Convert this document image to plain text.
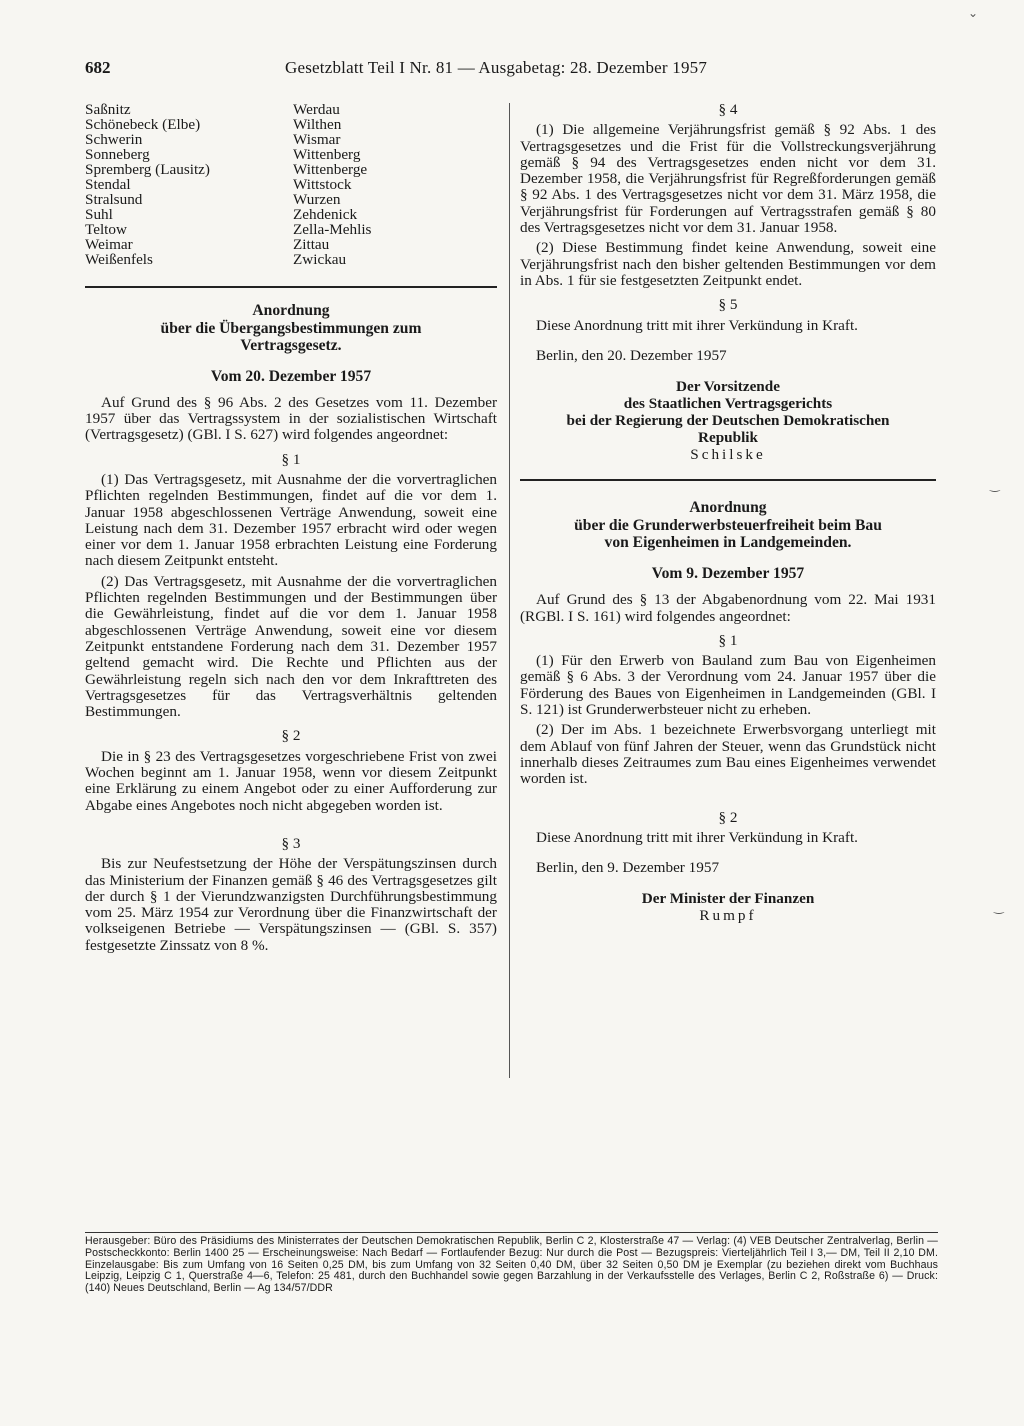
682	Gesetzblatt Teil I Nr. 81 — Ausgabetag: 28. Dezember 1957
Saßnitz
Schönebeck (Elbe)
Schwerin
Sonneberg
Spremberg (Lausitz)
Stendal
Stralsund
Suhl
Teltow
Weimar
Weißenfels
Werdau
Wilthen
Wismar
Wittenberg
Wittenberge
Wittstock
Wurzen
Zehdenick
Zella-Mehlis
Zittau
Zwickau
Anordnung
über die Übergangsbestimmungen zum
Vertragsgesetz.
Vom 20. Dezember 1957
Auf Grund des § 96 Abs. 2 des Gesetzes vom 11. Dezember 1957 über das Vertragssystem in der sozialistischen Wirtschaft (Vertragsgesetz) (GBl. I S. 627) wird folgendes angeordnet:
§ 1
(1) Das Vertragsgesetz, mit Ausnahme der die vorvertraglichen Pflichten regelnden Bestimmungen, findet auf die vor dem 1. Januar 1958 abgeschlossenen Verträge Anwendung, soweit eine Leistung nach dem 31. Dezember 1957 erbracht wird oder wegen einer vor dem 1. Januar 1958 erbrachten Leistung eine Forderung nach diesem Zeitpunkt entsteht.
(2) Das Vertragsgesetz, mit Ausnahme der die vorvertraglichen Pflichten regelnden Bestimmungen und der Bestimmungen über die Gewährleistung, findet auf die vor dem 1. Januar 1958 abgeschlossenen Verträge Anwendung, soweit eine vor diesem Zeitpunkt entstandene Forderung nach dem 31. Dezember 1957 geltend gemacht wird. Die Rechte und Pflichten aus der Gewährleistung regeln sich nach den vor dem Inkrafttreten des Vertragsgesetzes für das Vertragsverhältnis geltenden Bestimmungen.
§ 2
Die in § 23 des Vertragsgesetzes vorgeschriebene Frist von zwei Wochen beginnt am 1. Januar 1958, wenn vor diesem Zeitpunkt eine Erklärung zu einem Angebot oder zu einer Aufforderung zur Abgabe eines Angebotes noch nicht abgegeben worden ist.
§ 3
Bis zur Neufestsetzung der Höhe der Verspätungszinsen durch das Ministerium der Finanzen gemäß § 46 des Vertragsgesetzes gilt der durch § 1 der Vierundzwanzigsten Durchführungsbestimmung vom 25. März 1954 zur Verordnung über die Finanzwirtschaft der volkseigenen Betriebe — Verspätungszinsen — (GBl. S. 357) festgesetzte Zinssatz von 8 %.
§ 4
(1) Die allgemeine Verjährungsfrist gemäß § 92 Abs. 1 des Vertragsgesetzes und die Frist für die Vollstreckungsverjährung gemäß § 94 des Vertragsgesetzes enden nicht vor dem 31. Dezember 1958, die Verjährungsfrist für Regreßforderungen gemäß § 92 Abs. 1 des Vertragsgesetzes nicht vor dem 31. März 1958, die Verjährungsfrist für Forderungen auf Vertragsstrafen gemäß § 80 des Vertragsgesetzes nicht vor dem 31. Januar 1958.
(2) Diese Bestimmung findet keine Anwendung, soweit eine Verjährungsfrist nach den bisher geltenden Bestimmungen vor dem in Abs. 1 für sie festgesetzten Zeitpunkt endet.
§ 5
Diese Anordnung tritt mit ihrer Verkündung in Kraft.
Berlin, den 20. Dezember 1957
Der Vorsitzende
des Staatlichen Vertragsgerichts
bei der Regierung der Deutschen Demokratischen
Republik
Schilske
Anordnung
über die Grunderwerbsteuerfreiheit beim Bau
von Eigenheimen in Landgemeinden.
Vom 9. Dezember 1957
Auf Grund des § 13 der Abgabenordnung vom 22. Mai 1931 (RGBl. I S. 161) wird folgendes angeordnet:
§ 1
(1) Für den Erwerb von Bauland zum Bau von Eigenheimen gemäß § 6 Abs. 3 der Verordnung vom 24. Januar 1957 über die Förderung des Baues von Eigenheimen in Landgemeinden (GBl. I S. 121) ist Grunderwerbsteuer nicht zu erheben.
(2) Der im Abs. 1 bezeichnete Erwerbsvorgang unterliegt mit dem Ablauf von fünf Jahren der Steuer, wenn das Grundstück nicht innerhalb dieses Zeitraumes zum Bau eines Eigenheimes verwendet worden ist.
§ 2
Diese Anordnung tritt mit ihrer Verkündung in Kraft.
Berlin, den 9. Dezember 1957
Der Minister der Finanzen
Rumpf
Herausgeber: Büro des Präsidiums des Ministerrates der Deutschen Demokratischen Republik, Berlin C 2, Klosterstraße 47 — Verlag: (4) VEB Deutscher Zentralverlag, Berlin — Postscheckkonto: Berlin 1400 25 — Erscheinungsweise: Nach Bedarf — Fortlaufender Bezug: Nur durch die Post — Bezugspreis: Vierteljährlich Teil I 3,— DM, Teil II 2,10 DM. Einzelausgabe: Bis zum Umfang von 16 Seiten 0,25 DM, bis zum Umfang von 32 Seiten 0,40 DM, über 32 Seiten 0,50 DM je Exemplar (zu beziehen direkt vom Buchhaus Leipzig, Leipzig C 1, Querstraße 4—6, Telefon: 25 481, durch den Buchhandel sowie gegen Barzahlung in der Verkaufsstelle des Verlages, Berlin C 2, Roßstraße 6) — Druck: (140) Neues Deutschland, Berlin — Ag 134/57/DDR
⌄
‿
‿
